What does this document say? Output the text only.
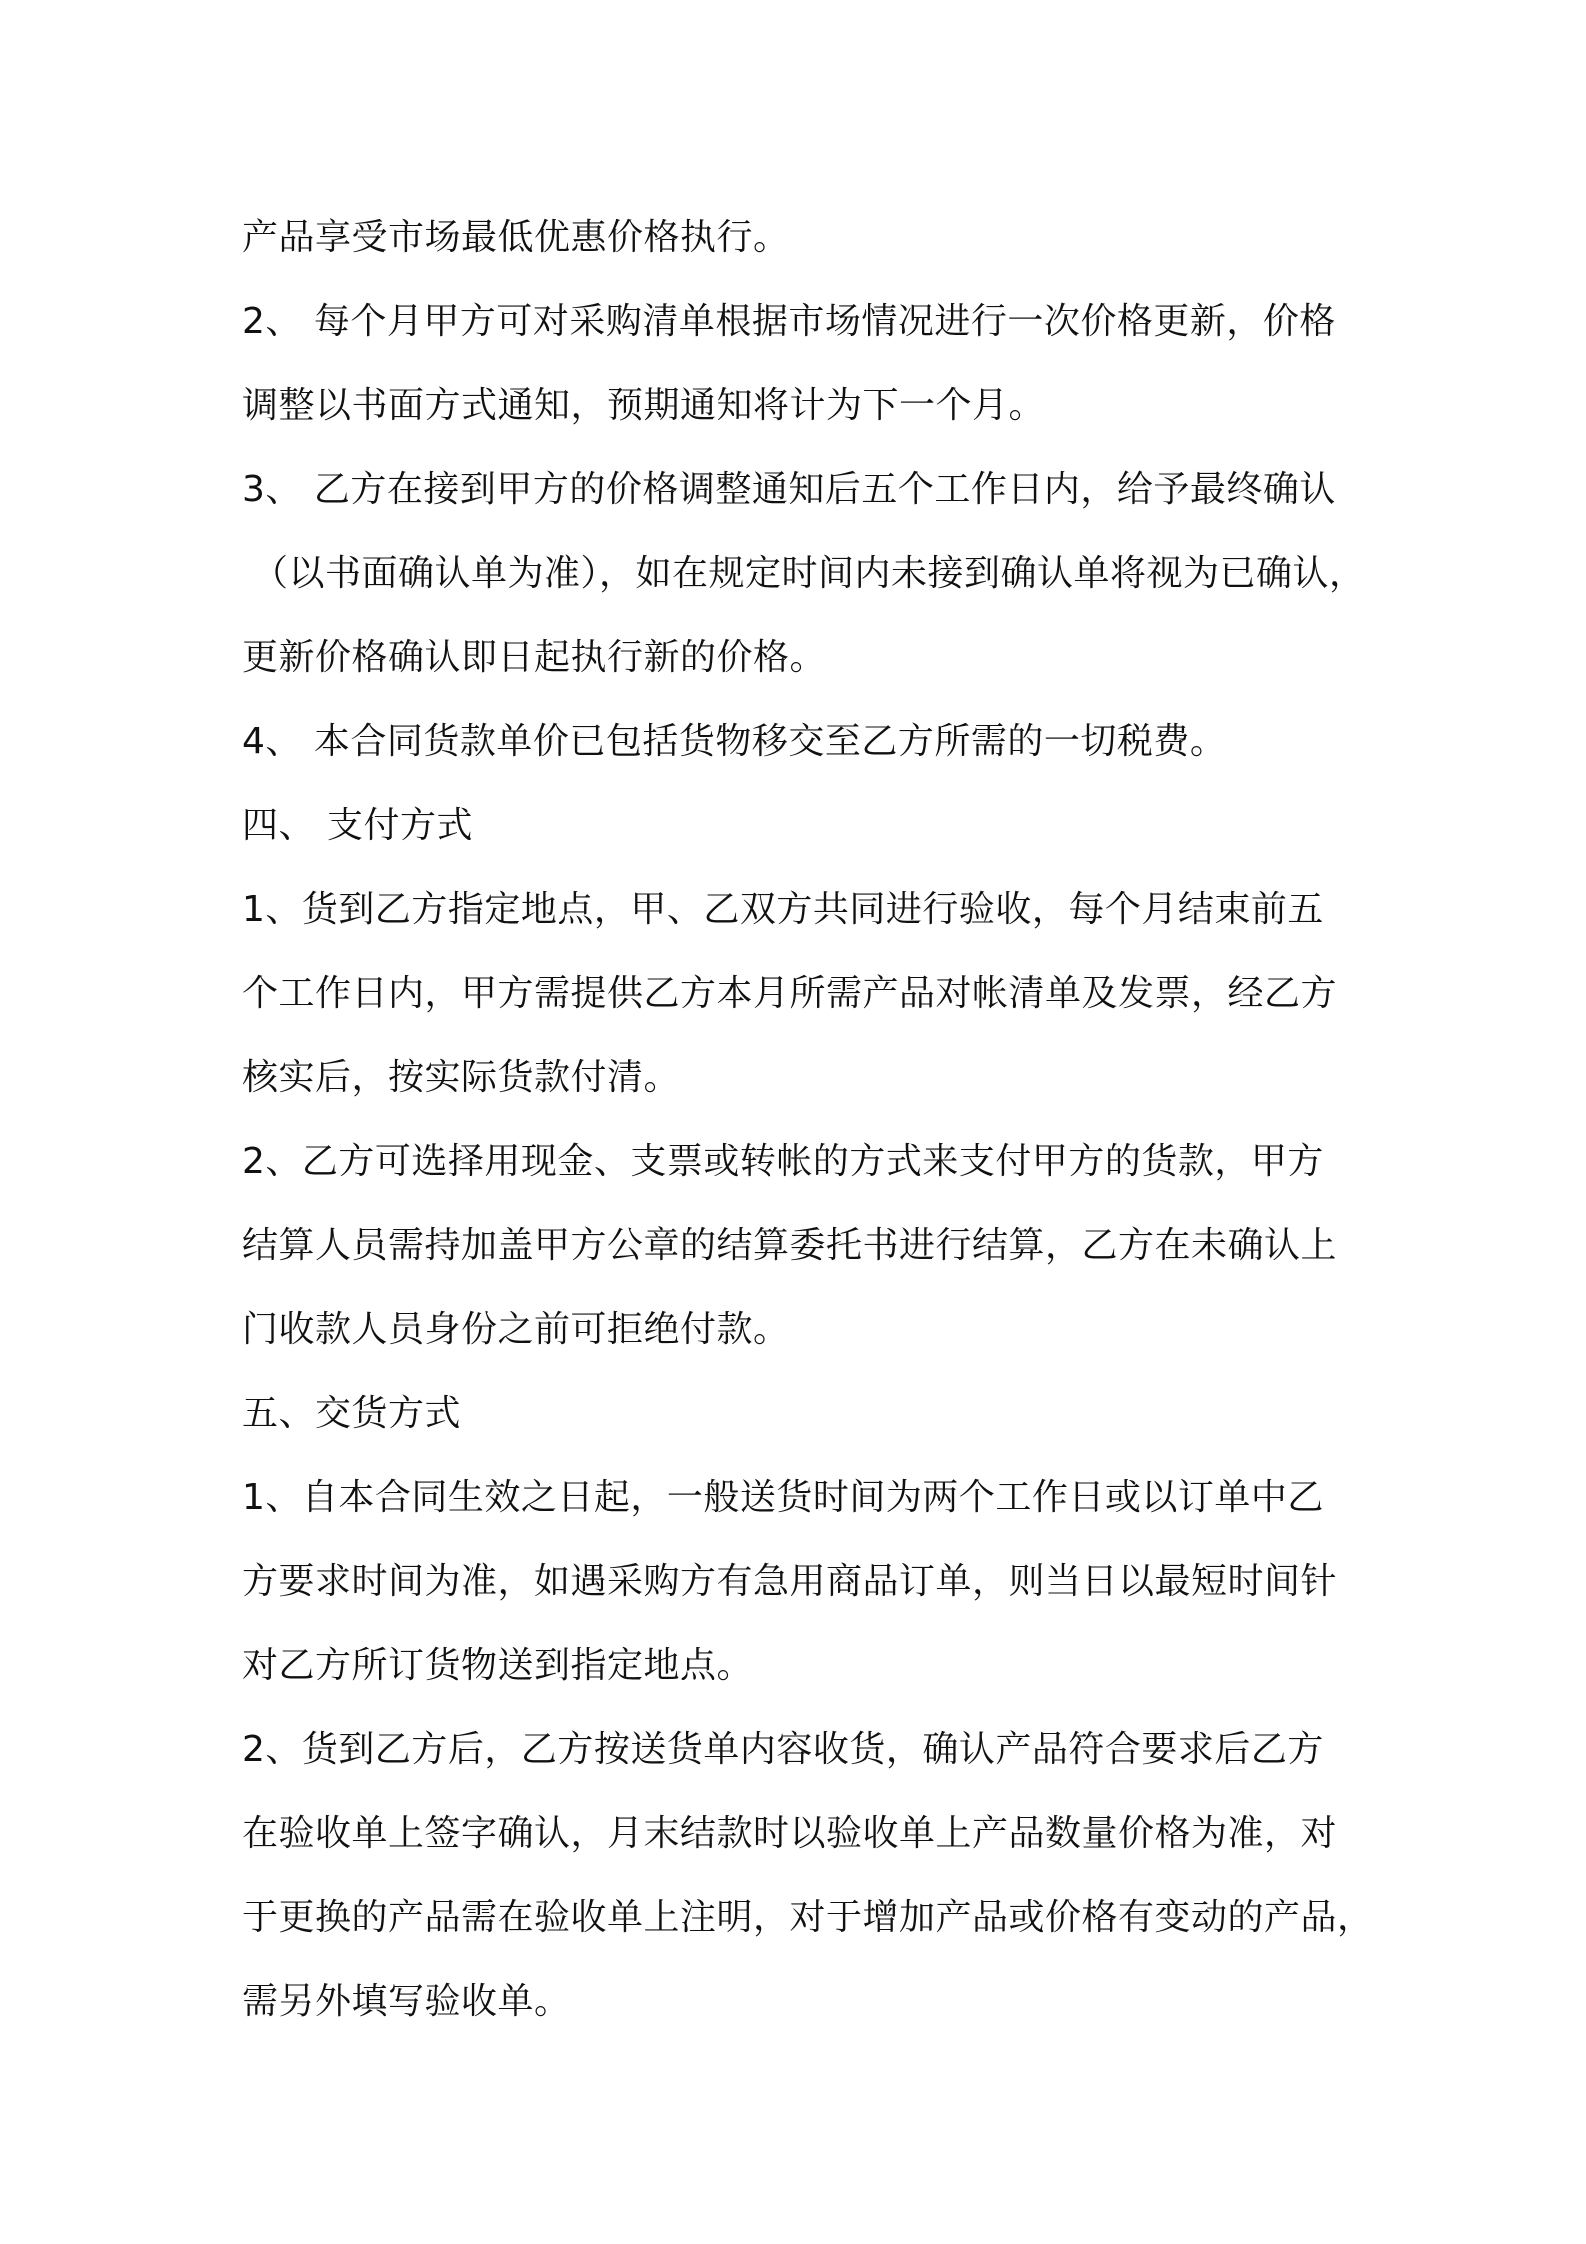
产品享受市场最低优惠价格执行。
2、 每个月甲方可对采购清单根据市场情况进行一次价格更新，价格
调整以书面方式通知，预期通知将计为下一个月。
3、 乙方在接到甲方的价格调整通知后五个工作日内，给予最终确认
（以书面确认单为准），如在规定时间内未接到确认单将视为已确认，
更新价格确认即日起执行新的价格。
4、 本合同货款单价已包括货物移交至乙方所需的一切税费。
四、 支付方式
1、货到乙方指定地点，甲、乙双方共同进行验收，每个月结束前五
个工作日内，甲方需提供乙方本月所需产品对帐清单及发票，经乙方
核实后，按实际货款付清。
2、乙方可选择用现金、支票或转帐的方式来支付甲方的货款，甲方
结算人员需持加盖甲方公章的结算委托书进行结算，乙方在未确认上
门收款人员身份之前可拒绝付款。
五、交货方式
1、自本合同生效之日起，一般送货时间为两个工作日或以订单中乙
方要求时间为准，如遇采购方有急用商品订单，则当日以最短时间针
对乙方所订货物送到指定地点。
2、货到乙方后，乙方按送货单内容收货，确认产品符合要求后乙方
在验收单上签字确认，月末结款时以验收单上产品数量价格为准，对
于更换的产品需在验收单上注明，对于增加产品或价格有变动的产品，
需另外填写验收单。
